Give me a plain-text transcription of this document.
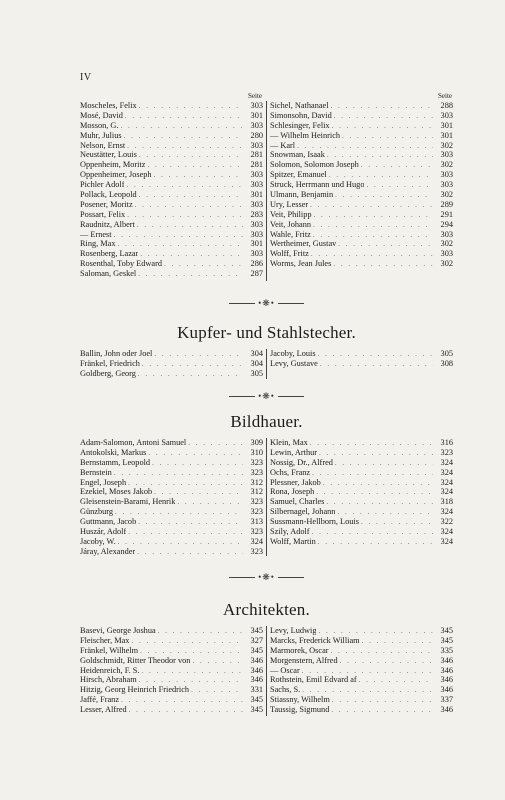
IV
Seite
Moscheles, Felix . . .	303
Mosé, David . . .	301
Mosson, G. . . .	303
Muhr, Julius . . .	280
Nelson, Ernst . . .	303
Neustätter, Louis . . .	281
Oppenheim, Moritz . . .	281
Oppenheimer, Joseph . . .	303
Pichler Adolf . . .	303
Pollack, Leopold . . .	301
Posener, Moritz . . .	303
Possart, Felix . . .	283
Raudnitz, Albert . . .	303
— Ernest . . .	303
Ring, Max . . .	301
Rosenberg, Lazar . . .	303
Rosenthal, Toby Edward . . .	286
Saloman, Geskel . . .	287
Seite
Sichel, Nathanael . . .	288
Simonsohn, David . . .	303
Schlesinger, Felix . . .	301
— Wilhelm Heinrich . . .	301
— Karl . . .	302
Snowman, Isaak . . .	303
Solomon, Solomon Joseph . . .	302
Spitzer, Emanuel . . .	303
Struck, Herrmann und Hugo . . .	303
Ulmann, Benjamin . . .	302
Ury, Lesser . . .	289
Veit, Philipp . . .	291
Veit, Johann . . .	294
Wahle, Fritz . . .	303
Wertheimer, Gustav . . .	302
Wolff, Fritz . . .	303
Worms, Jean Jules . . .	302
•❋•
Kupfer- und Stahlstecher.
Ballin, John oder Joel . . .	304
Fränkel, Friedrich . . .	304
Goldberg, Georg . . .	305
Jacoby, Louis . . .	305
Levy, Gustave . . .	308
•❋•
Bildhauer.
Adam-Salomon, Antoni Samuel . . .	309
Antokolski, Markus . . .	310
Bernstamm, Leopold . . .	323
Bernstein . . .	323
Engel, Joseph . . .	312
Ezekiel, Moses Jakob . . .	312
Gleisenstein-Barami, Henrik . . .	323
Günzburg . . .	323
Guttmann, Jacob . . .	313
Huszár, Adolf . . .	323
Jacoby, W. . . .	324
Járay, Alexander . . .	323
Klein, Max . . .	316
Lewin, Arthur . . .	323
Nossig, Dr., Alfred . . .	324
Ochs, Franz . . .	324
Plessner, Jakob . . .	324
Rona, Joseph . . .	324
Samuel, Charles . . .	318
Silbernagel, Johann . . .	324
Sussmann-Hellborn, Louis . . .	322
Szily, Adolf . . .	324
Wolff, Martin . . .	324
•❋•
Architekten.
Basevi, George Joshua . . .	345
Fleischer, Max . . .	327
Fränkel, Wilhelm . . .	345
Goldschmidt, Ritter Theodor von . . .	346
Heidenreich, F. S. . . .	346
Hirsch, Abraham . . .	346
Hitzig, Georg Heinrich Friedrich . . .	331
Jaffé, Franz . . .	345
Lesser, Alfred . . .	345
Levy, Ludwig . . .	345
Marcks, Frederick William . . .	345
Marmorek, Oscar . . .	335
Morgenstern, Alfred . . .	346
— Oscar . . .	346
Rothstein, Emil Edvard af . . .	346
Sachs, S. . . .	346
Stiassny, Wilhelm . . .	337
Taussig, Sigmund . . .	346
